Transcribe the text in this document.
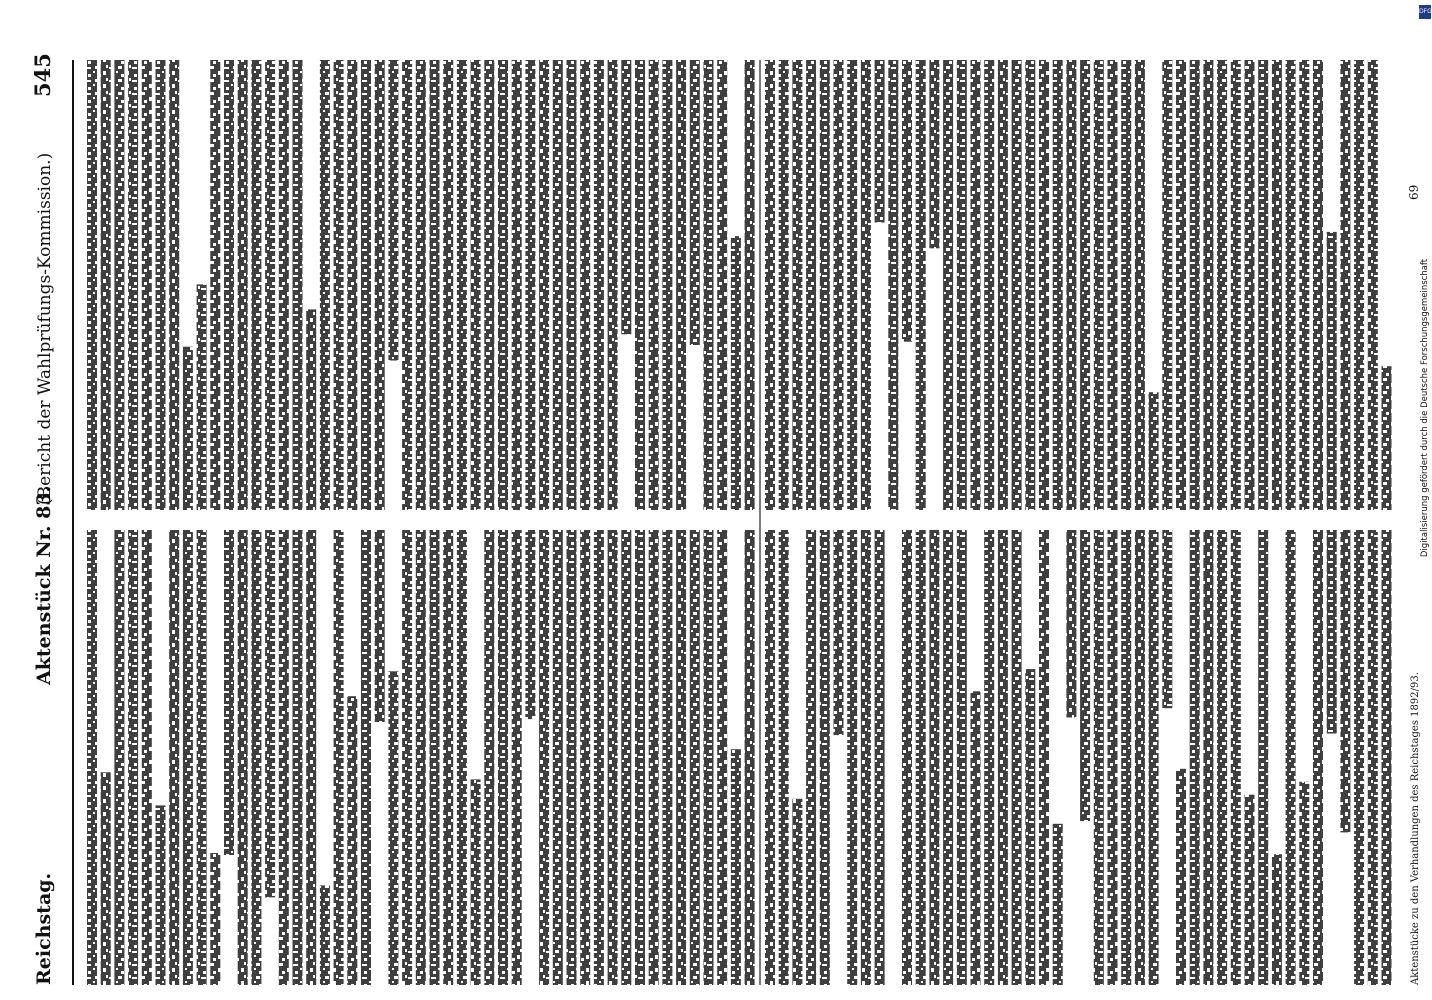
Reichstag.
Aktenstück Nr. 83.
(Bericht der Wahlprüfungs-Kommission.)
545
Aktenstücke zu den Verhandlungen des Reichstages 1892/93.
69
Digitalisierung gefördert durch die Deutsche Forschungsgemeinschaft
DFG
